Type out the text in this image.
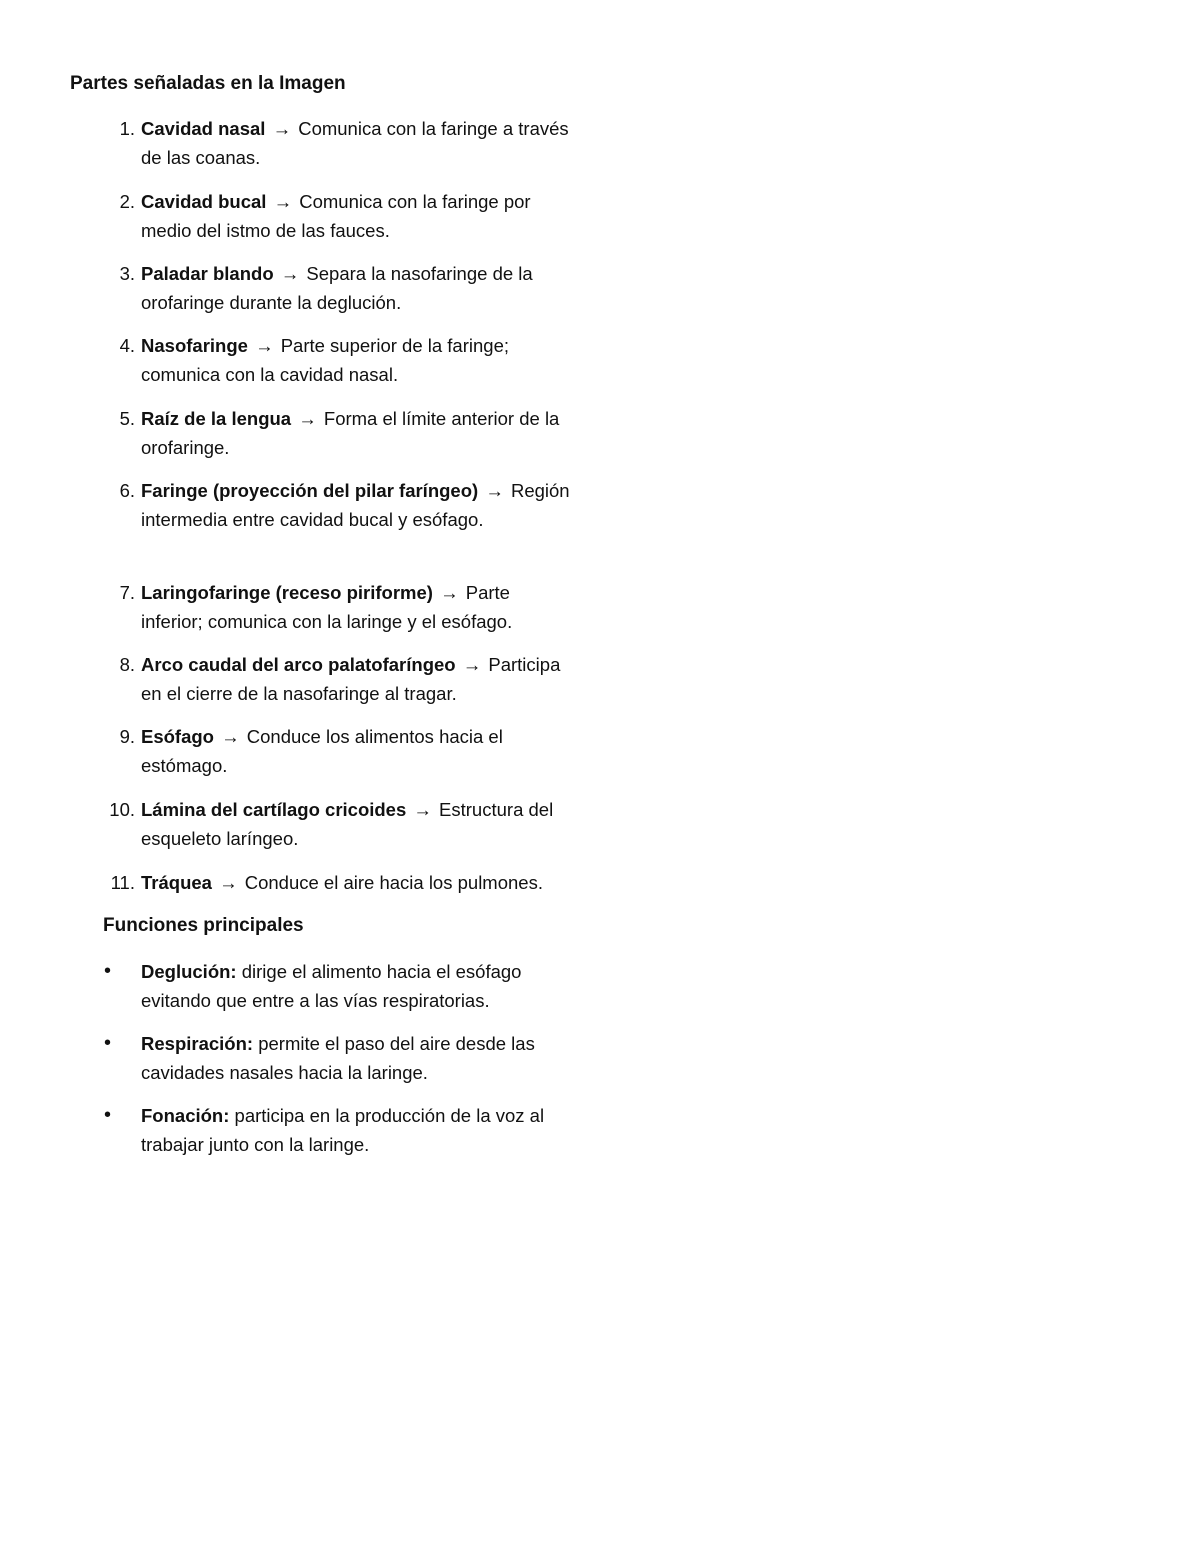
Partes señaladas en la Imagen
1. Cavidad nasal → Comunica con la faringe a través de las coanas.
2. Cavidad bucal → Comunica con la faringe por medio del istmo de las fauces.
3. Paladar blando → Separa la nasofaringe de la orofaringe durante la deglución.
4. Nasofaringe → Parte superior de la faringe; comunica con la cavidad nasal.
5. Raíz de la lengua → Forma el límite anterior de la orofaringe.
6. Faringe (proyección del pilar faríngeo) → Región intermedia entre cavidad bucal y esófago.
7. Laringofaringe (receso piriforme) → Parte inferior; comunica con la laringe y el esófago.
8. Arco caudal del arco palatofaríngeo → Participa en el cierre de la nasofaringe al tragar.
9. Esófago → Conduce los alimentos hacia el estómago.
10. Lámina del cartílago cricoides → Estructura del esqueleto laríngeo.
11. Tráquea → Conduce el aire hacia los pulmones.
Funciones principales
• Deglución: dirige el alimento hacia el esófago evitando que entre a las vías respiratorias.
• Respiración: permite el paso del aire desde las cavidades nasales hacia la laringe.
• Fonación: participa en la producción de la voz al trabajar junto con la laringe.
